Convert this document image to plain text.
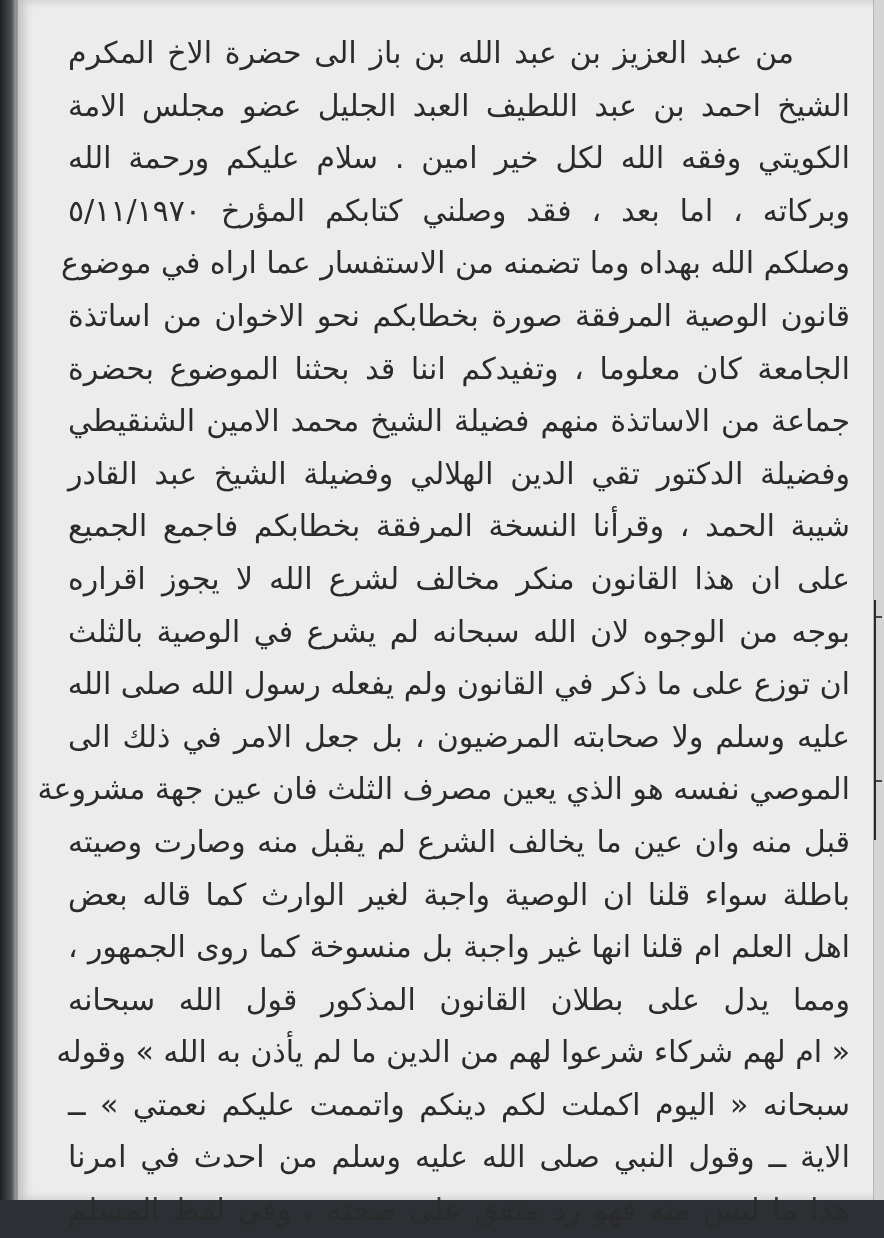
من عبد العزيز بن عبد الله بن باز الى حضرة الاخ المكرم
الشيخ احمد بن عبد اللطيف العبد الجليل عضو مجلس الامة
الكويتي وفقه الله لكل خير امين . سلام عليكم ورحمة الله
وبركاته ، اما بعد ، فقد وصلني كتابكم المؤرخ ٥/١١/١٩٧٠
وصلكم الله بهداه وما تضمنه من الاستفسار عما اراه في موضوع
قانون الوصية المرفقة صورة بخطابكم نحو الاخوان من اساتذة
الجامعة كان معلوما ، وتفيدكم اننا قد بحثنا الموضوع بحضرة
جماعة من الاساتذة منهم فضيلة الشيخ محمد الامين الشنقيطي
وفضيلة الدكتور تقي الدين الهلالي وفضيلة الشيخ عبد القادر
شيبة الحمد ، وقرأنا النسخة المرفقة بخطابكم فاجمع الجميع
على ان هذا القانون منكر مخالف لشرع الله لا يجوز اقراره
بوجه من الوجوه لان الله سبحانه لم يشرع في الوصية بالثلث
ان توزع على ما ذكر في القانون ولم يفعله رسول الله صلى الله
عليه وسلم ولا صحابته المرضيون ، بل جعل الامر في ذلك الى
الموصي نفسه هو الذي يعين مصرف الثلث فان عين جهة مشروعة
قبل منه وان عين ما يخالف الشرع لم يقبل منه وصارت وصيته
باطلة سواء قلنا ان الوصية واجبة لغير الوارث كما قاله بعض
اهل العلم ام قلنا انها غير واجبة بل منسوخة كما روى الجمهور ،
ومما يدل على بطلان القانون المذكور قول الله سبحانه
« ام لهم شركاء شرعوا لهم من الدين ما لم يأذن به الله » وقوله
سبحانه « اليوم اكملت لكم دينكم واتممت عليكم نعمتي » ــ
الاية ــ وقول النبي صلى الله عليه وسلم من احدث في امرنا
هذا ما ليس منه فهو رد متفق على صحته ، وفي لفظ المسلم
